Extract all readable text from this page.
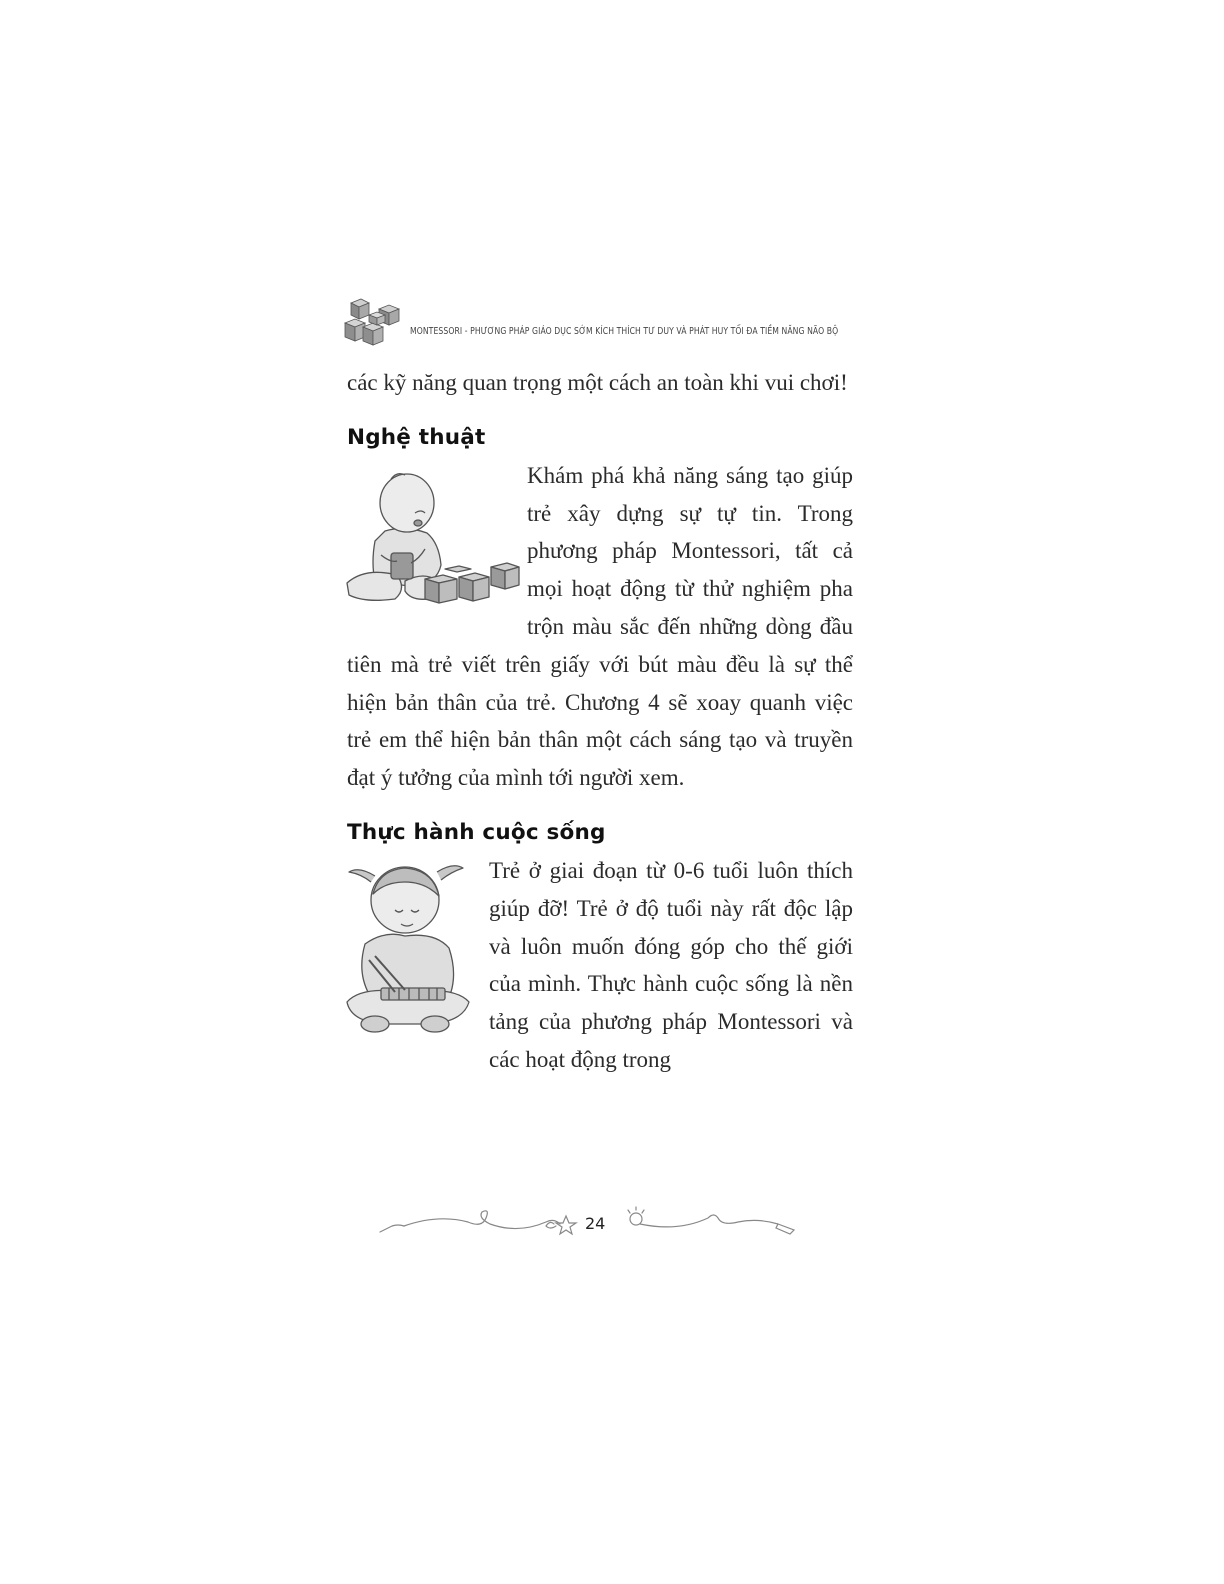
MONTESSORI - PHƯƠNG PHÁP GIÁO DỤC SỚM KÍCH THÍCH TƯ DUY VÀ PHÁT HUY TỐI ĐA TIỀM NĂNG NÃO BỘ

các kỹ năng quan trọng một cách an toàn khi vui chơi!

Nghệ thuật

Khám phá khả năng sáng tạo giúp trẻ xây dựng sự tự tin. Trong phương pháp Montessori, tất cả mọi hoạt động từ thử nghiệm pha trộn màu sắc đến những dòng đầu tiên mà trẻ viết trên giấy với bút màu đều là sự thể hiện bản thân của trẻ. Chương 4 sẽ xoay quanh việc trẻ em thể hiện bản thân một cách sáng tạo và truyền đạt ý tưởng của mình tới người xem.

Thực hành cuộc sống

Trẻ ở giai đoạn từ 0-6 tuổi luôn thích giúp đỡ! Trẻ ở độ tuổi này rất độc lập và luôn muốn đóng góp cho thế giới của mình. Thực hành cuộc sống là nền tảng của phương pháp Montessori và các hoạt động trong

24
